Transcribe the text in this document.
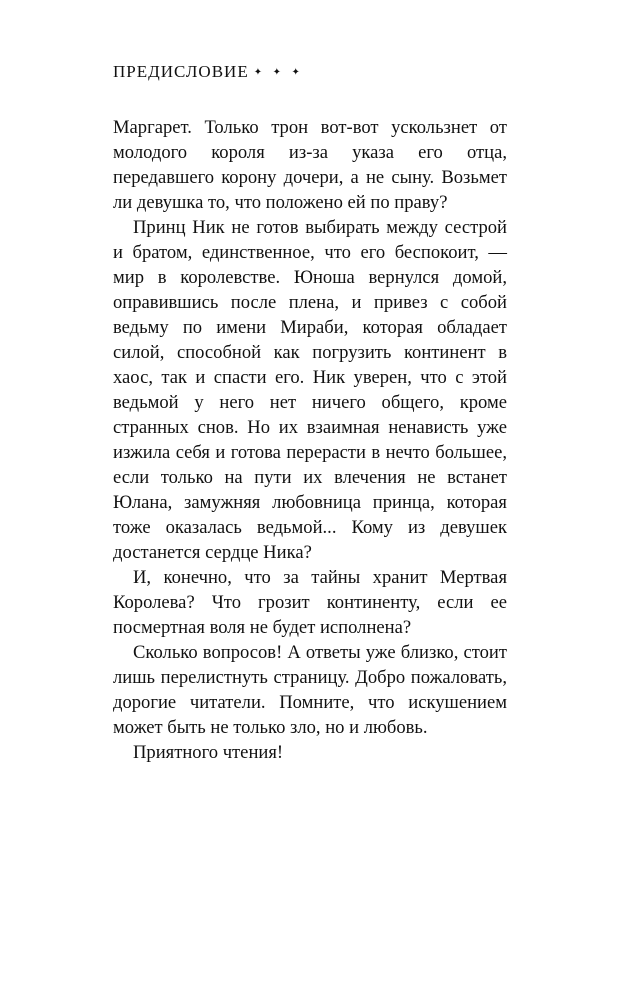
ПРЕДИСЛОВИЕ ✦ ✦ ✦

Маргарет. Только трон вот-вот ускользнет от молодого короля из-за указа его отца, передавшего корону дочери, а не сыну. Возьмет ли девушка то, что положено ей по праву?

Принц Ник не готов выбирать между сестрой и братом, единственное, что его беспокоит, — мир в королевстве. Юноша вернулся домой, оправившись после плена, и привез с собой ведьму по имени Мираби, которая обладает силой, способной как погрузить континент в хаос, так и спасти его. Ник уверен, что с этой ведьмой у него нет ничего общего, кроме странных снов. Но их взаимная ненависть уже изжила себя и готова перерасти в нечто большее, если только на пути их влечения не встанет Юлана, замужняя любовница принца, которая тоже оказалась ведьмой... Кому из девушек достанется сердце Ника?

И, конечно, что за тайны хранит Мертвая Королева? Что грозит континенту, если ее посмертная воля не будет исполнена?

Сколько вопросов! А ответы уже близко, стоит лишь перелистнуть страницу. Добро пожаловать, дорогие читатели. Помните, что искушением может быть не только зло, но и любовь.

Приятного чтения!
